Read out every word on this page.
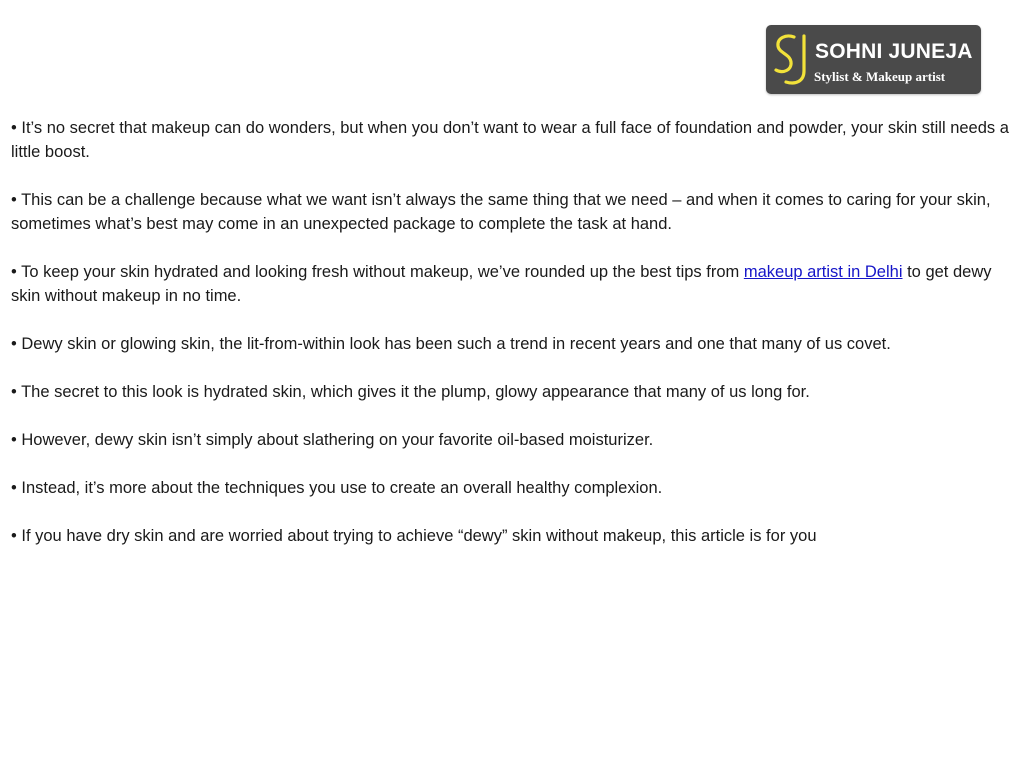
SOHNI JUNEJA
Stylist & Makeup artist

• It’s no secret that makeup can do wonders, but when you don’t want to wear a full face of foundation and powder, your skin still needs a little boost.

• This can be a challenge because what we want isn’t always the same thing that we need – and when it comes to caring for your skin, sometimes what’s best may come in an unexpected package to complete the task at hand.

• To keep your skin hydrated and looking fresh without makeup, we’ve rounded up the best tips from makeup artist in Delhi to get dewy skin without makeup in no time.

• Dewy skin or glowing skin, the lit-from-within look has been such a trend in recent years and one that many of us covet.

• The secret to this look is hydrated skin, which gives it the plump, glowy appearance that many of us long for.

• However, dewy skin isn’t simply about slathering on your favorite oil-based moisturizer.

• Instead, it’s more about the techniques you use to create an overall healthy complexion.

• If you have dry skin and are worried about trying to achieve “dewy” skin without makeup, this article is for you
